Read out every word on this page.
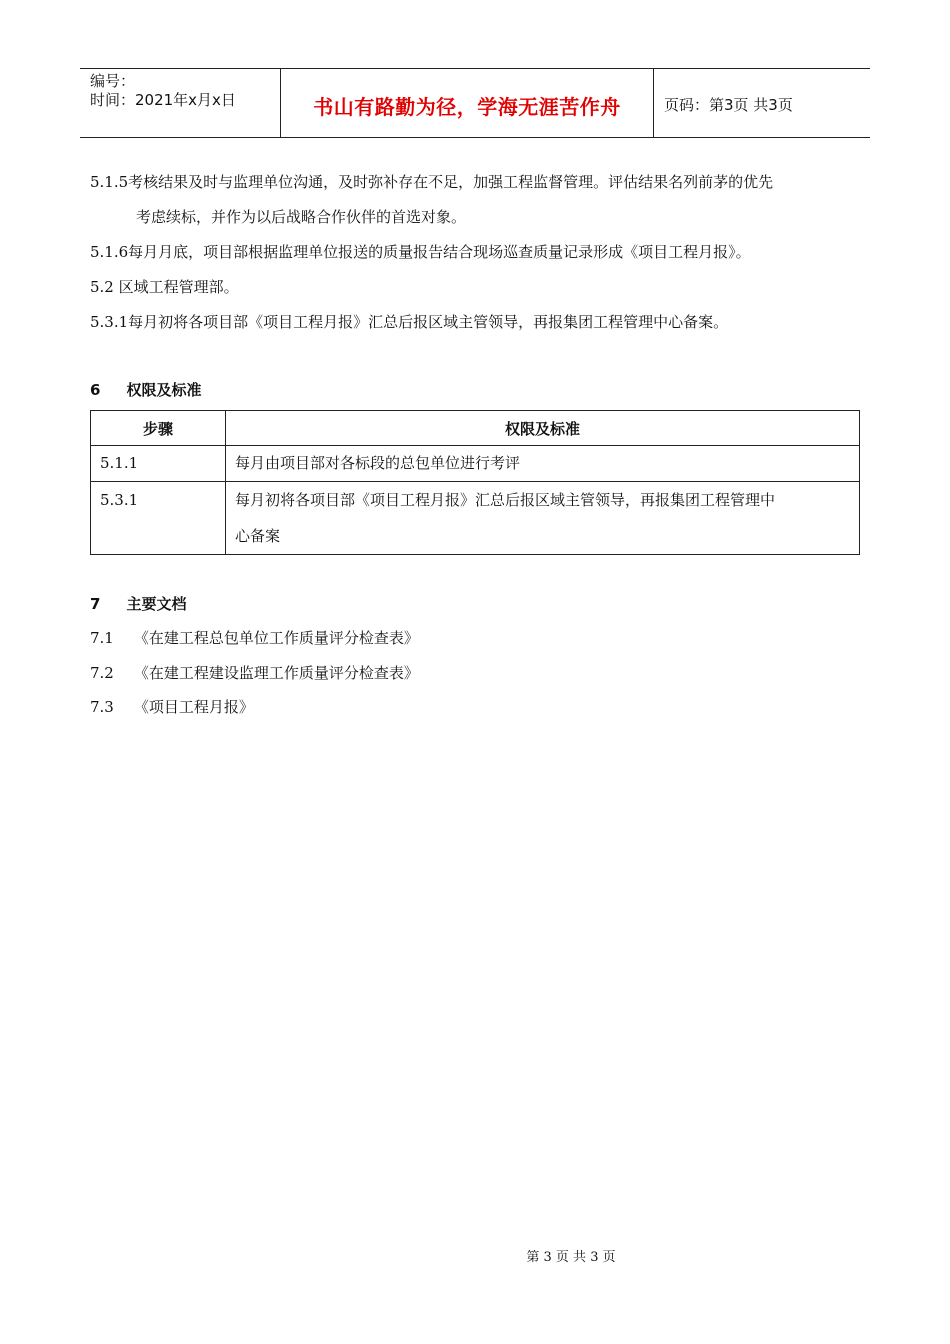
编号：
时间：2021年x月x日	书山有路勤为径，学海无涯苦作舟	页码：第3页 共3页
5.1.5考核结果及时与监理单位沟通，及时弥补存在不足，加强工程监督管理。评估结果名列前茅的优先
考虑续标，并作为以后战略合作伙伴的首选对象。
5.1.6每月月底，项目部根据监理单位报送的质量报告结合现场巡查质量记录形成《项目工程月报》。
5.2 区域工程管理部。
5.3.1每月初将各项目部《项目工程月报》汇总后报区域主管领导，再报集团工程管理中心备案。
6 权限及标准
步骤	权限及标准
5.1.1	每月由项目部对各标段的总包单位进行考评
5.3.1	每月初将各项目部《项目工程月报》汇总后报区域主管领导，再报集团工程管理中
心备案
7 主要文档
7.1 《在建工程总包单位工作质量评分检查表》
7.2 《在建工程建设监理工作质量评分检查表》
7.3 《项目工程月报》
第 3 页 共 3 页
